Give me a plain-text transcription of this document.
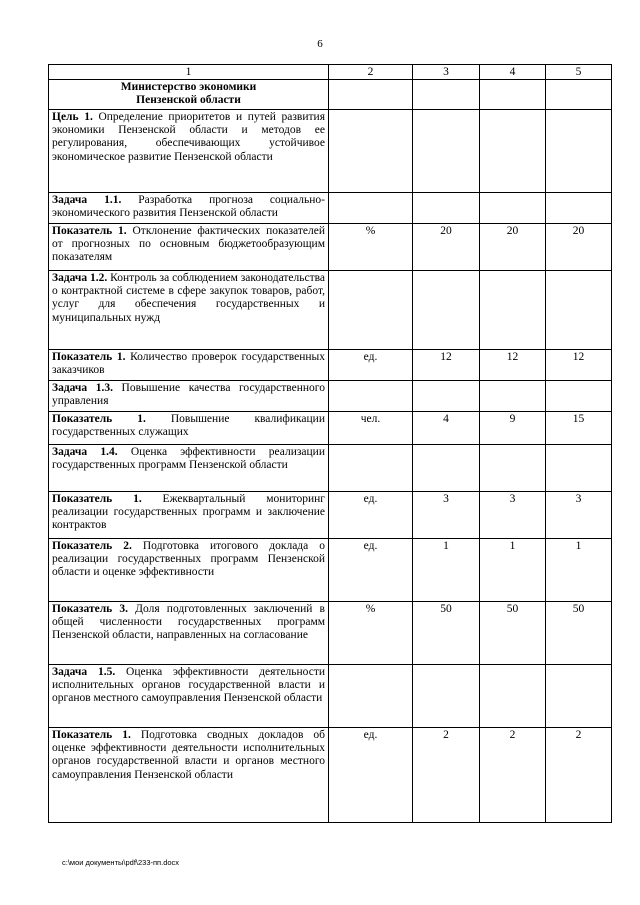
6
1	2	3	4	5

Министерство экономики
Пензенской области				

Цель 1. Определение приоритетов и путей развития экономики Пензенской области и методов ее регулирования, обеспечивающих устойчивое экономическое развитие Пензенской области				
Задача 1.1. Разработка прогноза социально-экономического развития Пензенской области				
Показатель 1. Отклонение фактических показателей от прогнозных по основным бюджетообразующим показателям	%	20	20	20
Задача 1.2. Контроль за соблюдением законодательства о контрактной системе в сфере закупок товаров, работ, услуг для обеспечения государственных и муниципальных нужд				
Показатель 1. Количество проверок государственных заказчиков	ед.	12	12	12
Задача 1.3. Повышение качества государственного управления				
Показатель 1. Повышение квалификации государственных служащих	чел.	4	9	15
Задача 1.4. Оценка эффективности реализации государственных программ Пензенской области				
Показатель 1. Ежеквартальный мониторинг реализации государственных программ и заключение контрактов	ед.	3	3	3
Показатель 2. Подготовка итогового доклада о реализации государственных программ Пензенской области и оценке эффективности	ед.	1	1	1
Показатель 3. Доля подготовленных заключений в общей численности государственных программ Пензенской области, направленных на согласование	%	50	50	50
Задача 1.5. Оценка эффективности деятельности исполнительных органов государственной власти и органов местного самоуправления Пензенской области				
Показатель 1. Подготовка сводных докладов об оценке эффективности деятельности исполнительных органов государственной власти и органов местного самоуправления Пензенской области	ед.	2	2	2
c:\мои документы\pdf\233-пп.docx
